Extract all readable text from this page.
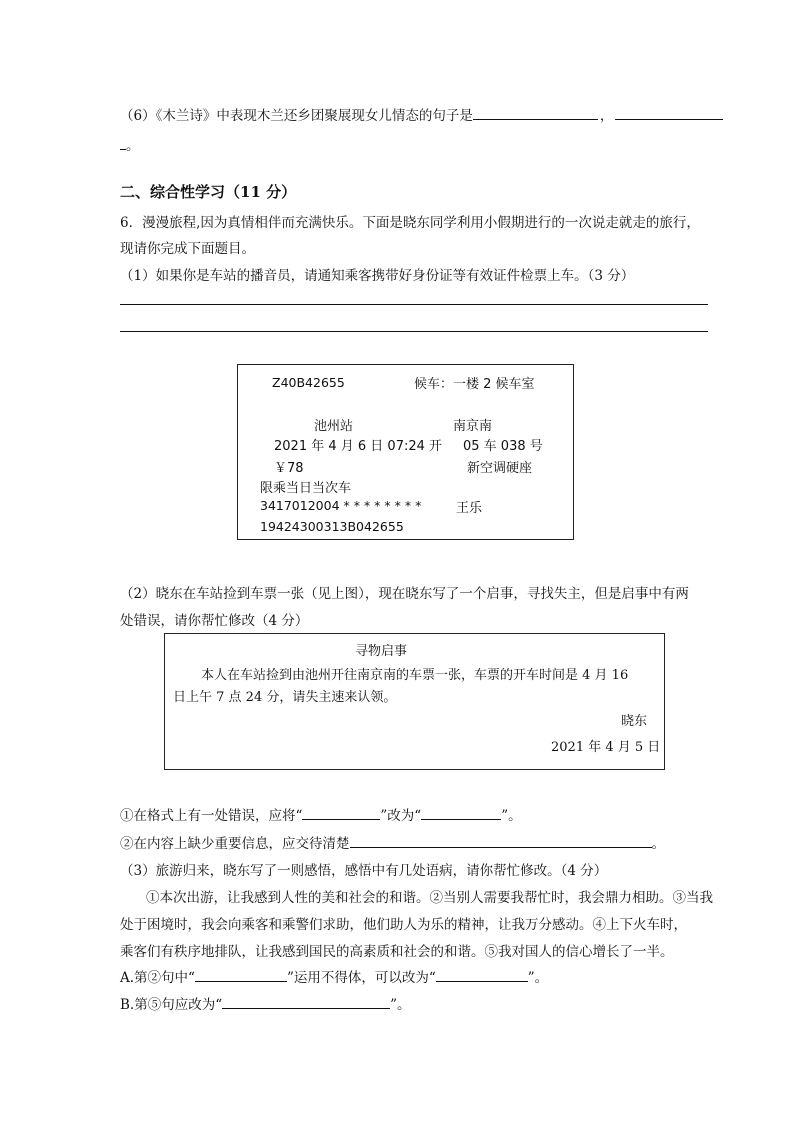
（6）《木兰诗》中表现木兰还乡团聚展现女儿情态的句子是	，
。
二、综合性学习（11 分）
6．漫漫旅程,因为真情相伴而充满快乐。下面是晓东同学利用小假期进行的一次说走就走的旅行，
现请你完成下面题目。
（1）如果你是车站的播音员，请通知乘客携带好身份证等有效证件检票上车。（3 分）
Z40B42655	候车：一楼 2 候车室
池州站	南京南
2021 年 4 月 6 日 07:24 开 05 车 038 号
￥78	新空调硬座
限乘当日当次车
3417012004 * * * * * * * *	王乐
19424300313B042655
（2）晓东在车站捡到车票一张（见上图），现在晓东写了一个启事，寻找失主，但是启事中有两
处错误，请你帮忙修改（4 分）
寻物启事
本人在车站捡到由池州开往南京南的车票一张，车票的开车时间是 4 月 16
日上午 7 点 24 分，请失主速来认领。
晓东
2021 年 4 月 5 日
①在格式上有一处错误，应将“	”改为“	”。
②在内容上缺少重要信息，应交待清楚	。
（3）旅游归来，晓东写了一则感悟，感悟中有几处语病，请你帮忙修改。（4 分）
①本次出游，让我感到人性的美和社会的和谐。②当别人需要我帮忙时，我会鼎力相助。③当我
处于困境时，我会向乘客和乘警们求助，他们助人为乐的精神，让我万分感动。④上下火车时，
乘客们有秩序地排队，让我感到国民的高素质和社会的和谐。⑤我对国人的信心增长了一半。
A.第②句中“	”运用不得体，可以改为“	”。
B.第⑤句应改为“	”。
